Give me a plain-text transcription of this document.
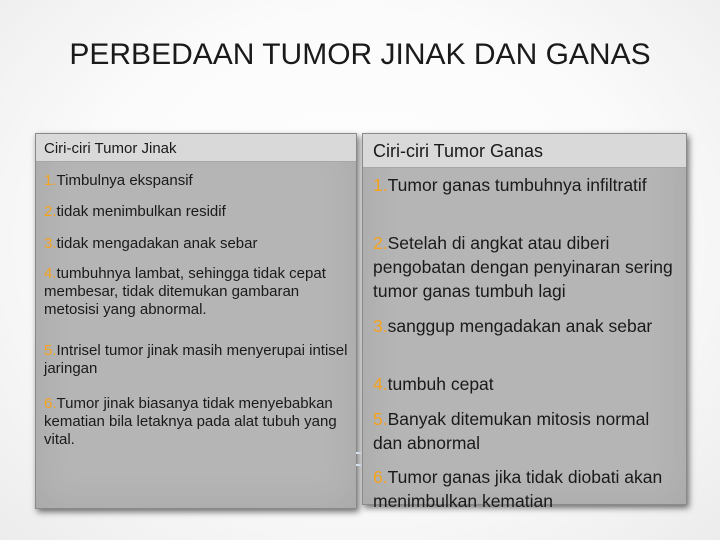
PERBEDAAN TUMOR JINAK DAN GANAS
Ciri-ciri Tumor Jinak
1.Timbulnya ekspansif
2.tidak menimbulkan residif
3.tidak mengadakan anak sebar
4.tumbuhnya lambat, sehingga tidak cepat membesar, tidak ditemukan gambaran metosisi yang abnormal.
5.Intrisel tumor jinak masih menyerupai intisel jaringan
6.Tumor jinak biasanya tidak menyebabkan kematian bila letaknya pada alat tubuh yang vital.
Ciri-ciri Tumor Ganas
1.Tumor ganas tumbuhnya infiltratif
2.Setelah di angkat atau diberi pengobatan dengan penyinaran sering tumor ganas tumbuh lagi
3.sanggup mengadakan anak sebar
4.tumbuh cepat
5.Banyak ditemukan mitosis normal dan abnormal
6.Tumor ganas jika tidak diobati akan menimbulkan kematian
